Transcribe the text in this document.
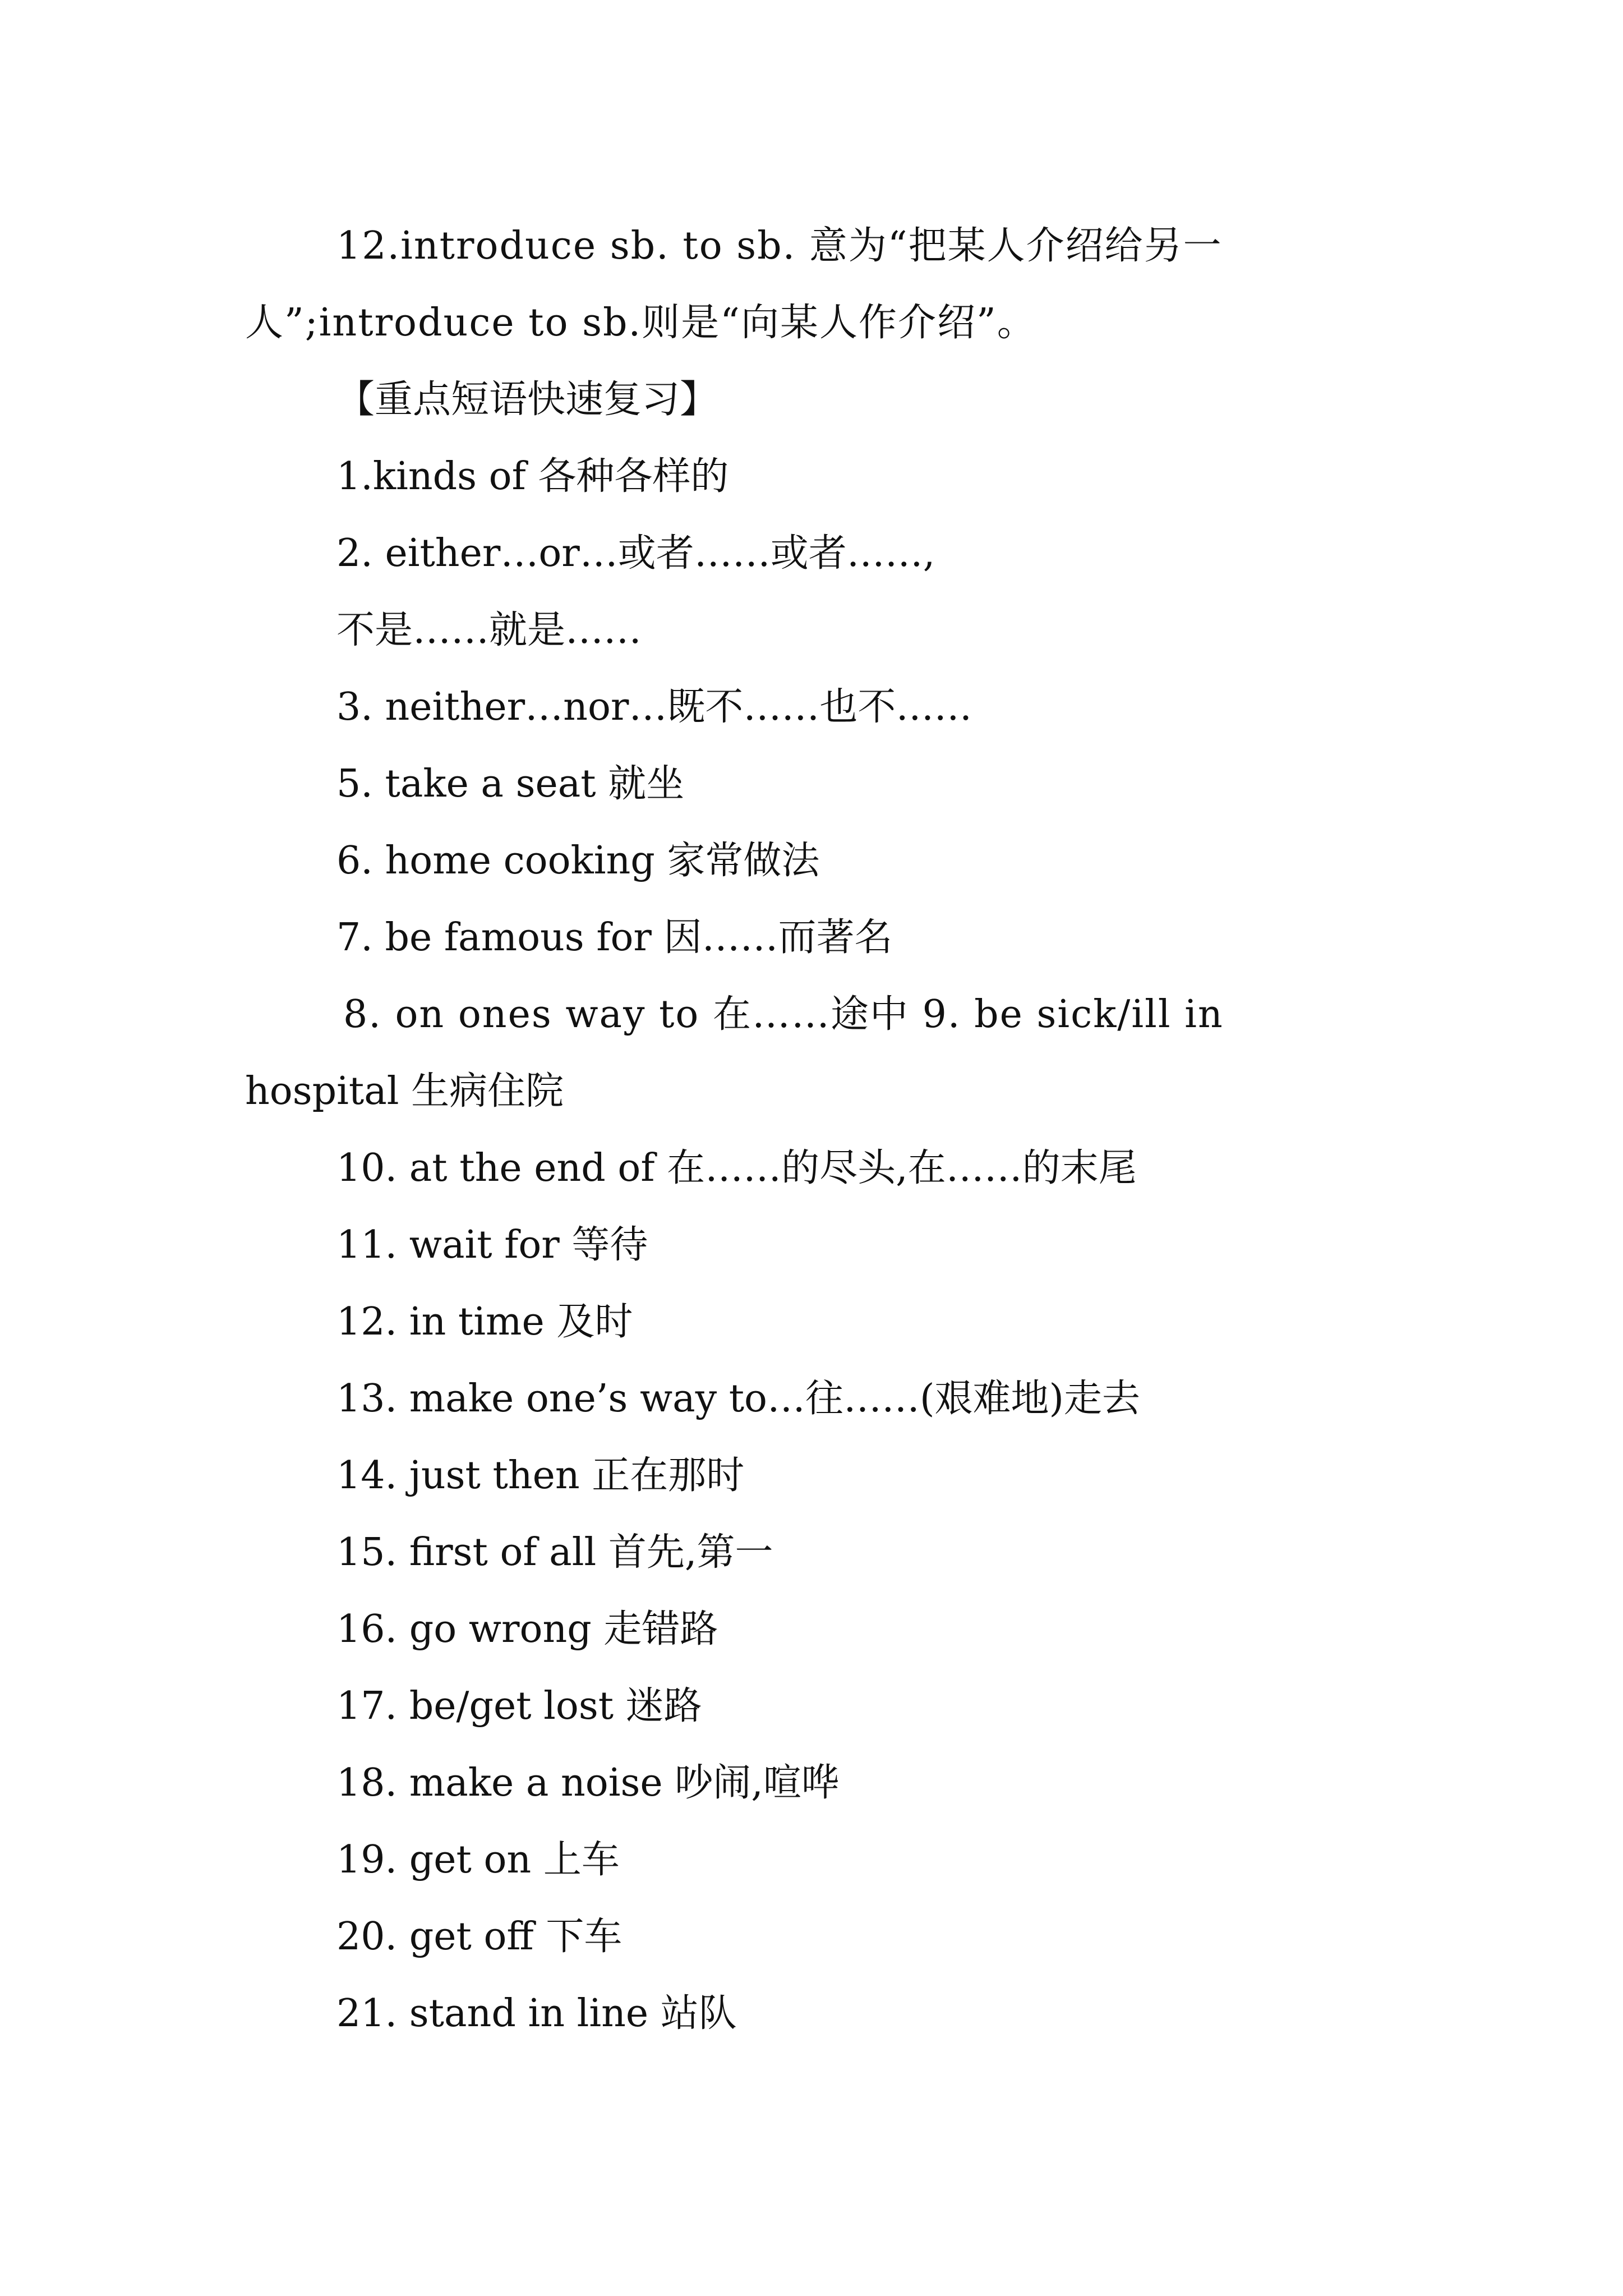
12.introduce sb. to sb. 意为“把某人介绍给另一
人”;introduce to sb.则是“向某人作介绍”。
【重点短语快速复习】
1.kinds of 各种各样的
2. either…or…或者……或者……,
不是……就是……
3. neither…nor…既不……也不……
5. take a seat 就坐
6. home cooking 家常做法
7. be famous for 因……而著名
8. on ones way to 在……途中 9. be sick/ill in
hospital 生病住院
10. at the end of 在……的尽头,在……的末尾
11. wait for 等待
12. in time 及时
13. make one’s way to…往……(艰难地)走去
14. just then 正在那时
15. first of all 首先,第一
16. go wrong 走错路
17. be/get lost 迷路
18. make a noise 吵闹,喧哗
19. get on 上车
20. get off 下车
21. stand in line 站队
